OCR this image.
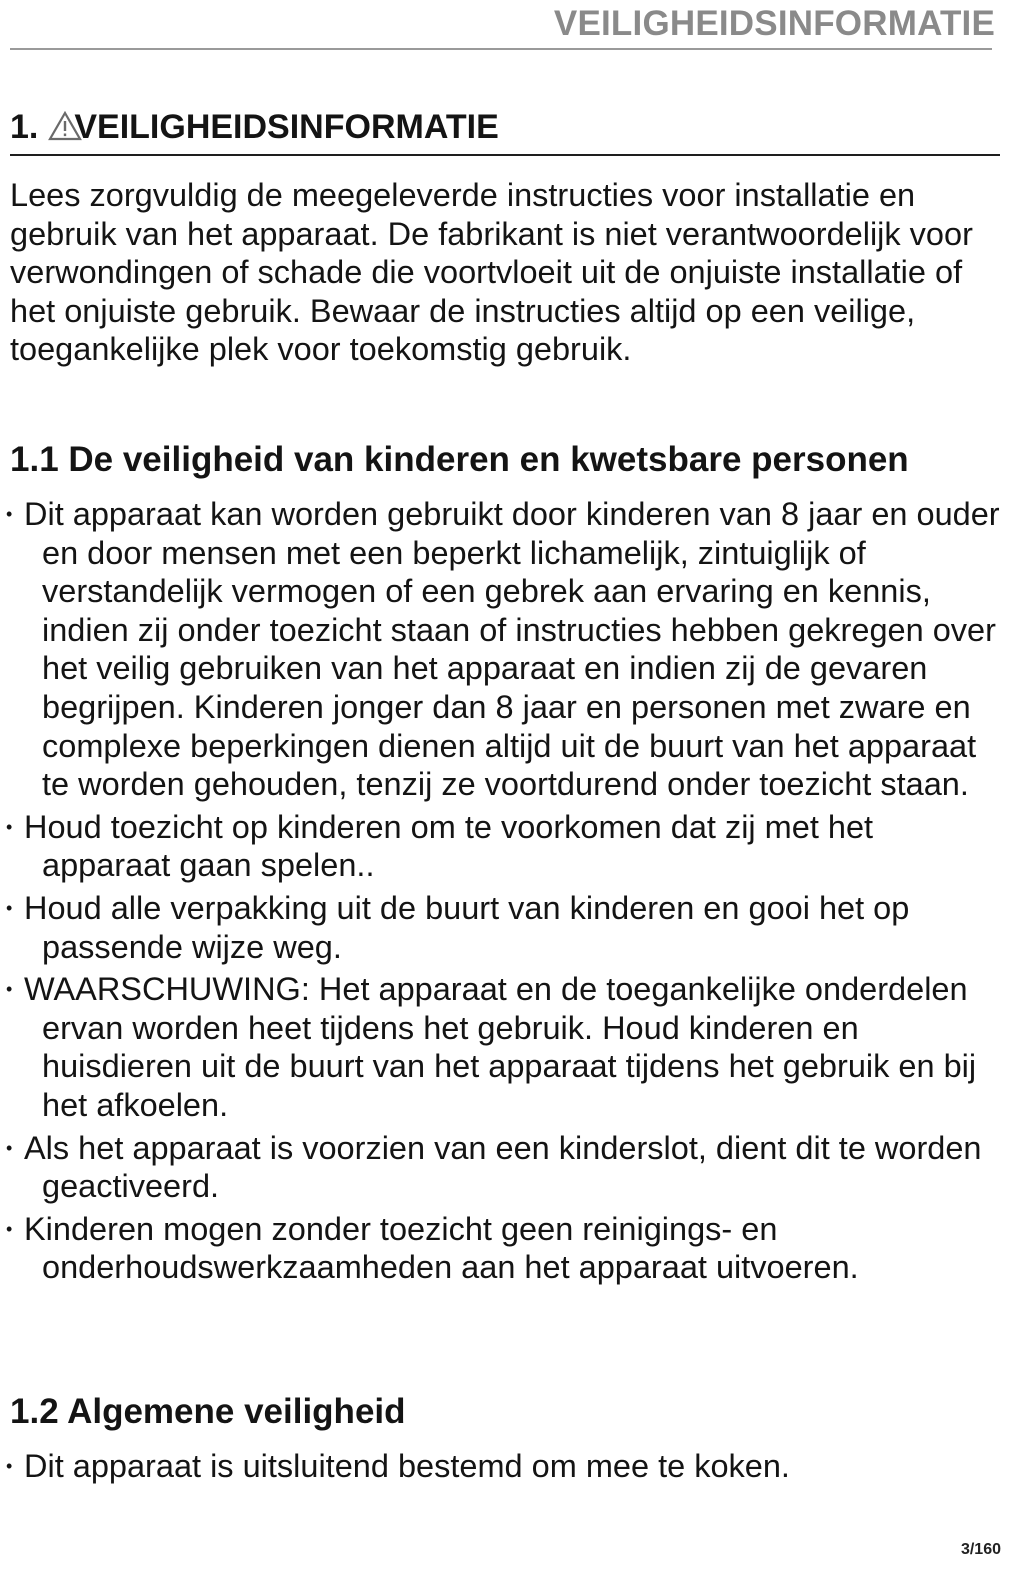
VEILIGHEIDSINFORMATIE
1. VEILIGHEIDSINFORMATIE

Lees zorgvuldig de meegeleverde instructies voor installatie en gebruik van het apparaat. De fabrikant is niet verantwoordelijk voor verwondingen of schade die voortvloeit uit de onjuiste installatie of het onjuiste gebruik. Bewaar de instructies altijd op een veilige, toegankelijke plek voor toekomstig gebruik.

1.1 De veiligheid van kinderen en kwetsbare personen
• Dit apparaat kan worden gebruikt door kinderen van 8 jaar en ouder en door mensen met een beperkt lichamelijk, zintuiglijk of verstandelijk vermogen of een gebrek aan ervaring en kennis, indien zij onder toezicht staan of instructies hebben gekregen over het veilig gebruiken van het apparaat en indien zij de gevaren begrijpen. Kinderen jonger dan 8 jaar en personen met zware en complexe beperkingen dienen altijd uit de buurt van het apparaat te worden gehouden, tenzij ze voortdurend onder toezicht staan.
• Houd toezicht op kinderen om te voorkomen dat zij met het apparaat gaan spelen..
• Houd alle verpakking uit de buurt van kinderen en gooi het op passende wijze weg.
• WAARSCHUWING: Het apparaat en de toegankelijke onderdelen ervan worden heet tijdens het gebruik. Houd kinderen en huisdieren uit de buurt van het apparaat tijdens het gebruik en bij het afkoelen.
• Als het apparaat is voorzien van een kinderslot, dient dit te worden geactiveerd.
• Kinderen mogen zonder toezicht geen reinigings- en onderhoudswerkzaamheden aan het apparaat uitvoeren.
1.2 Algemene veiligheid
• Dit apparaat is uitsluitend bestemd om mee te koken.
3/160
